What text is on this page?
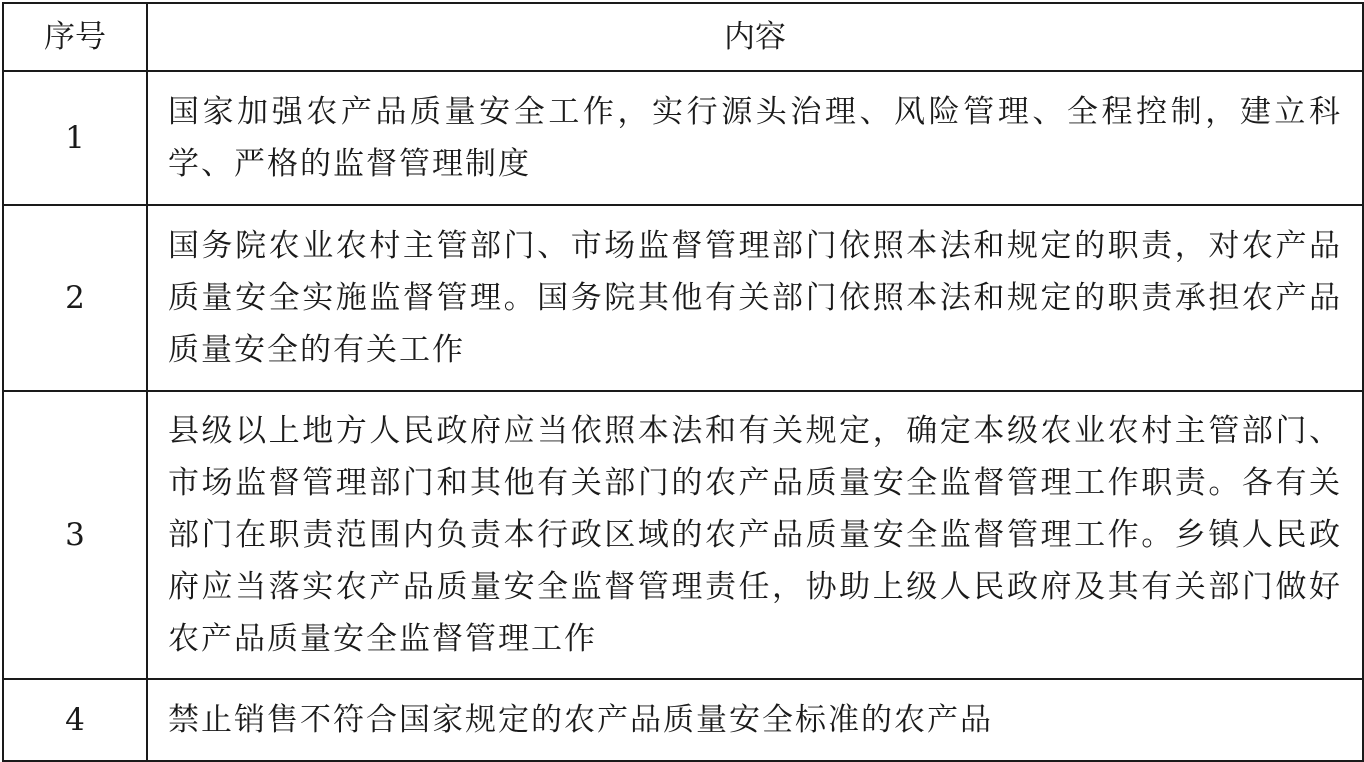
序号	内容
1	国家加强农产品质量安全工作，实行源头治理、风险管理、全程控制，建立科学、严格的监督管理制度
2	国务院农业农村主管部门、市场监督管理部门依照本法和规定的职责，对农产品质量安全实施监督管理。国务院其他有关部门依照本法和规定的职责承担农产品质量安全的有关工作
3	县级以上地方人民政府应当依照本法和有关规定，确定本级农业农村主管部门、市场监督管理部门和其他有关部门的农产品质量安全监督管理工作职责。各有关部门在职责范围内负责本行政区域的农产品质量安全监督管理工作。乡镇人民政府应当落实农产品质量安全监督管理责任，协助上级人民政府及其有关部门做好农产品质量安全监督管理工作
4	禁止销售不符合国家规定的农产品质量安全标准的农产品
